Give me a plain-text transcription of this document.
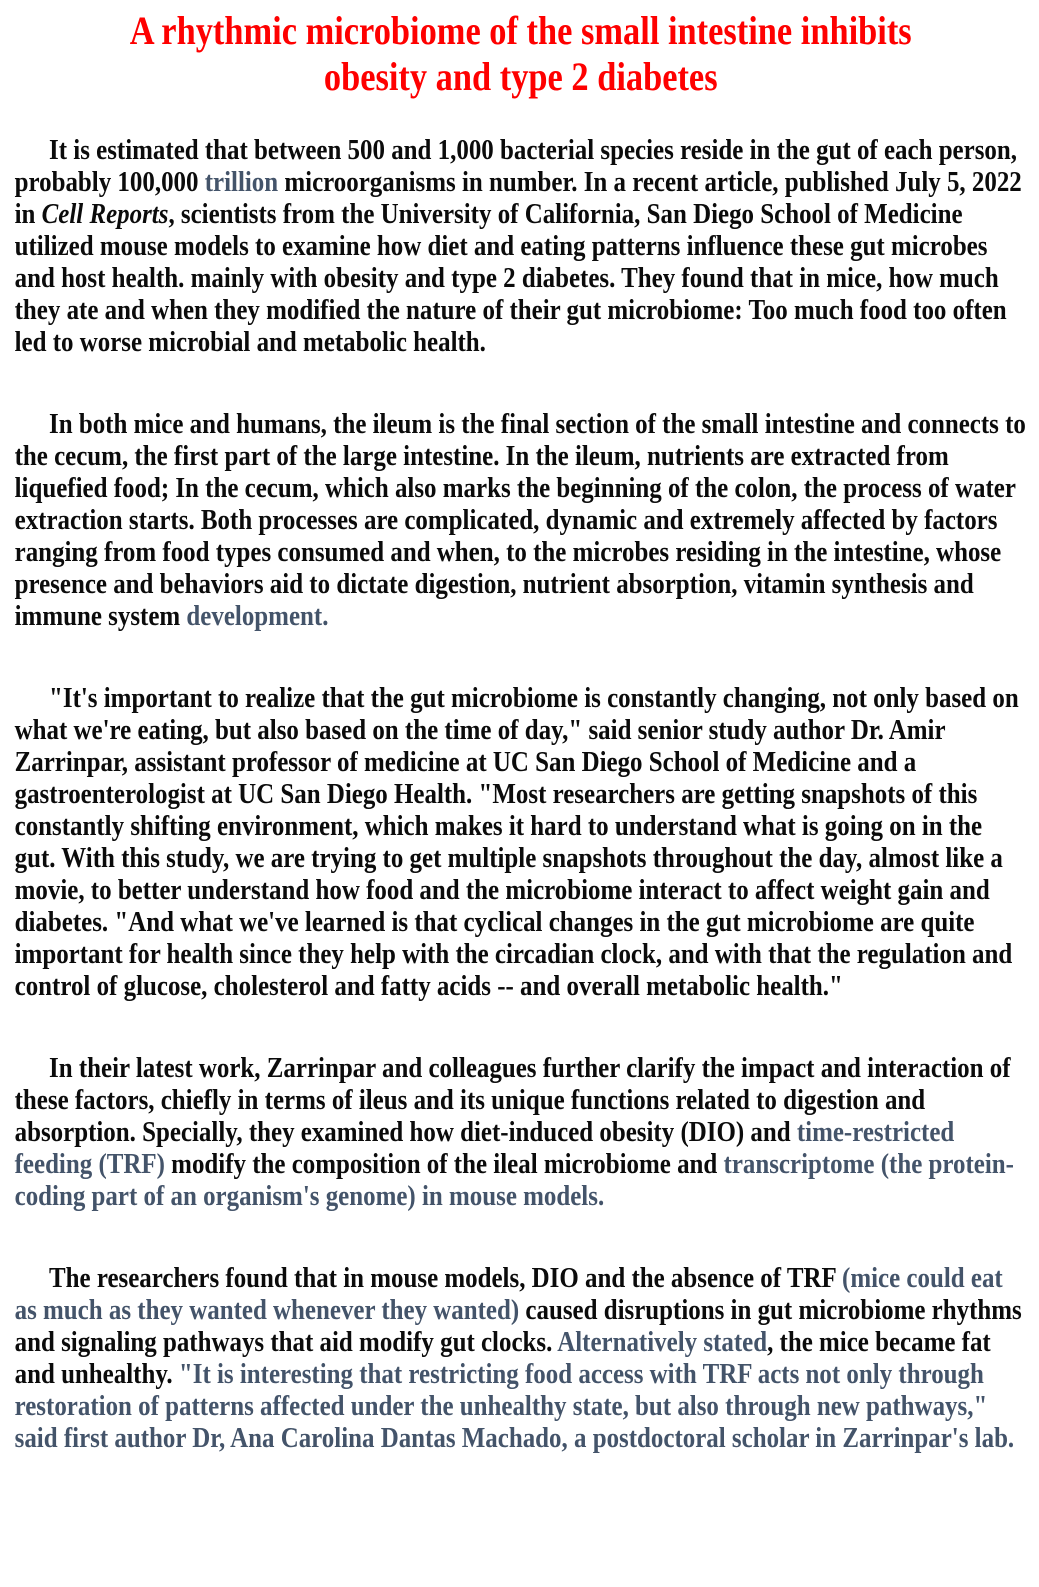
A rhythmic microbiome of the small intestine inhibits
obesity and type 2 diabetes

It is estimated that between 500 and 1,000 bacterial species reside in the gut of each person, probably 100,000 trillion microorganisms in number. In a recent article, published July 5, 2022 in Cell Reports, scientists from the University of California, San Diego School of Medicine utilized mouse models to examine how diet and eating patterns influence these gut microbes and host health. mainly with obesity and type 2 diabetes. They found that in mice, how much they ate and when they modified the nature of their gut microbiome: Too much food too often led to worse microbial and metabolic health.

In both mice and humans, the ileum is the final section of the small intestine and connects to the cecum, the first part of the large intestine. In the ileum, nutrients are extracted from liquefied food; In the cecum, which also marks the beginning of the colon, the process of water extraction starts. Both processes are complicated, dynamic and extremely affected by factors ranging from food types consumed and when, to the microbes residing in the intestine, whose presence and behaviors aid to dictate digestion, nutrient absorption, vitamin synthesis and immune system development.

"It's important to realize that the gut microbiome is constantly changing, not only based on what we're eating, but also based on the time of day," said senior study author Dr. Amir Zarrinpar, assistant professor of medicine at UC San Diego School of Medicine and a gastroenterologist at UC San Diego Health. "Most researchers are getting snapshots of this constantly shifting environment, which makes it hard to understand what is going on in the gut. With this study, we are trying to get multiple snapshots throughout the day, almost like a movie, to better understand how food and the microbiome interact to affect weight gain and diabetes. "And what we've learned is that cyclical changes in the gut microbiome are quite important for health since they help with the circadian clock, and with that the regulation and control of glucose, cholesterol and fatty acids -- and overall metabolic health."

In their latest work, Zarrinpar and colleagues further clarify the impact and interaction of these factors, chiefly in terms of ileus and its unique functions related to digestion and absorption. Specially, they examined how diet-induced obesity (DIO) and time-restricted feeding (TRF) modify the composition of the ileal microbiome and transcriptome (the protein-coding part of an organism's genome) in mouse models.

The researchers found that in mouse models, DIO and the absence of TRF (mice could eat as much as they wanted whenever they wanted) caused disruptions in gut microbiome rhythms and signaling pathways that aid modify gut clocks. Alternatively stated, the mice became fat and unhealthy. "It is interesting that restricting food access with TRF acts not only through restoration of patterns affected under the unhealthy state, but also through new pathways," said first author Dr, Ana Carolina Dantas Machado, a postdoctoral scholar in Zarrinpar's lab.
